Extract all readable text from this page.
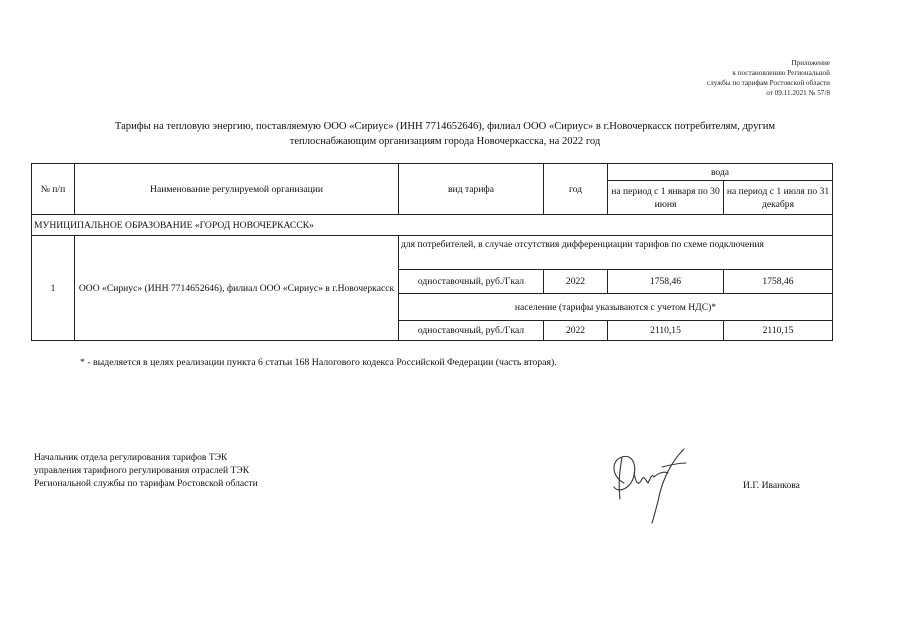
Приложение
к постановлению Региональной
службы по тарифам Ростовской области
от 09.11.2021 № 57/8
Тарифы на тепловую энергию, поставляемую ООО «Сириус» (ИНН 7714652646), филиал ООО «Сириус» в г.Новочеркасск потребителям, другим
теплоснабжающим организациям города Новочеркасска, на 2022 год
№ п/п	Наименование регулируемой организации	вид тарифа	год	вода	
				на период с 1 января по 30 июня	на период с 1 июля по 31 декабря
МУНИЦИПАЛЬНОЕ ОБРАЗОВАНИЕ «ГОРОД НОВОЧЕРКАССК»					
1	ООО «Сириус» (ИНН 7714652646), филиал ООО «Сириус» в г.Новочеркасск	для потребителей, в случае отсутствия дифференциации тарифов по схеме подключения			
		одноставочный, руб./Гкал	2022	1758,46	1758,46
		население (тарифы указываются с учетом НДС)*			
		одноставочный, руб./Гкал	2022	2110,15	2110,15
* - выделяется в целях реализации пункта 6 статьи 168 Налогового кодекса Российской Федерации (часть вторая).
Начальник отдела регулирования тарифов ТЭК
управления тарифного регулирования отраслей ТЭК
Региональной службы по тарифам Ростовской области	И.Г. Иванкова
